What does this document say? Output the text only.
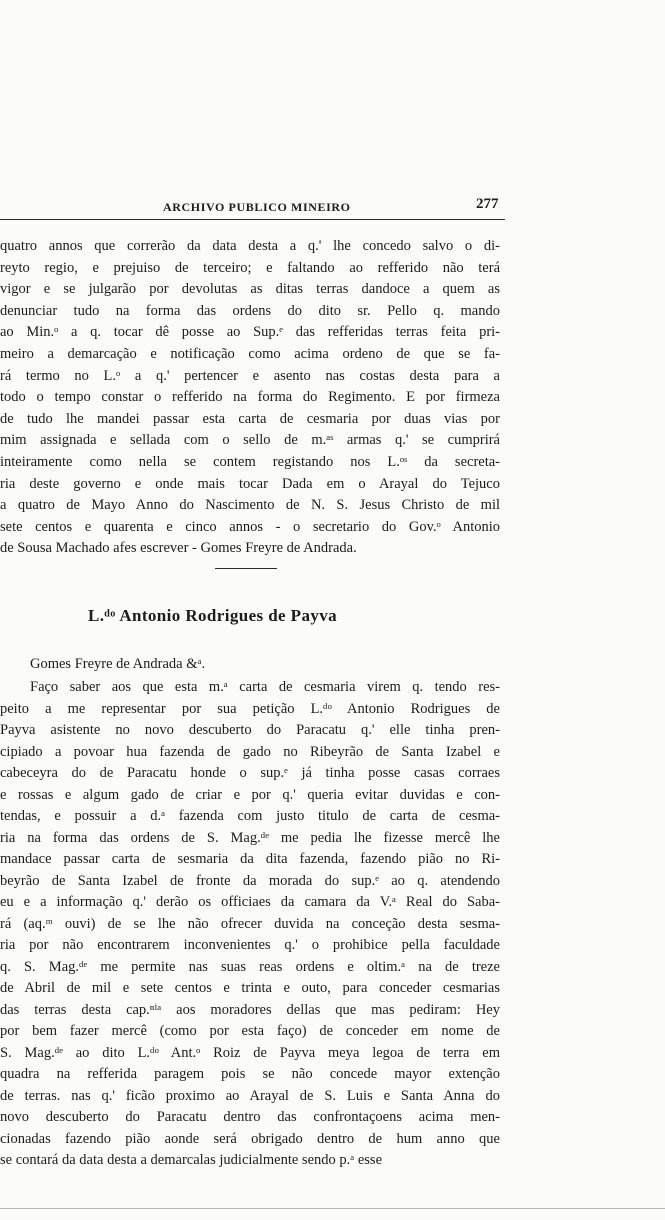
ARCHIVO PUBLICO MINEIRO	277
quatro annos que correrão da data desta a q.' lhe concedo salvo o di-
reyto regio, e prejuiso de terceiro; e faltando ao refferido não terá
vigor e se julgarão por devolutas as ditas terras dandoce a quem as
denunciar tudo na forma das ordens do dito sr. Pello q. mando
ao Min.ᵒ a q. tocar dê posse ao Sup.ᵉ das refferidas terras feita pri-
meiro a demarcação e notificação como acima ordeno de que se fa-
rá termo no L.ᵒ a q.' pertencer e asento nas costas desta para a
todo o tempo constar o refferido na forma do Regimento. E por firmeza
de tudo lhe mandei passar esta carta de cesmaria por duas vias por
mim assignada e sellada com o sello de m.ᵃˢ armas q.' se cumprirá
inteiramente como nella se contem registando nos L.ᵒˢ da secreta-
ria deste governo e onde mais tocar Dada em o Arayal do Tejuco
a quatro de Mayo Anno do Nascimento de N. S. Jesus Christo de mil
sete centos e quarenta e cinco annos - o secretario do Gov.ᵒ Antonio
de Sousa Machado afes escrever - Gomes Freyre de Andrada.
L.ᵈᵒ Antonio Rodrigues de Payva
Gomes Freyre de Andrada &ᵃ.
Faço saber aos que esta m.ᵃ carta de cesmaria virem q. tendo res-
peito a me representar por sua petição L.ᵈᵒ Antonio Rodrigues de
Payva asistente no novo descuberto do Paracatu q.' elle tinha pren-
cipiado a povoar hua fazenda de gado no Ribeyrão de Santa Izabel e
cabeceyra do de Paracatu honde o sup.ᵉ já tinha posse casas corraes
e rossas e algum gado de criar e por q.' queria evitar duvidas e con-
tendas, e possuir a d.ᵃ fazenda com justo titulo de carta de cesma-
ria na forma das ordens de S. Mag.ᵈᵉ me pedia lhe fizesse mercê lhe
mandace passar carta de sesmaria da dita fazenda, fazendo pião no Ri-
beyrão de Santa Izabel de fronte da morada do sup.ᵉ ao q. atendendo
eu e a informação q.' derão os officiaes da camara da V.ᵃ Real do Saba-
rá (aq.ᵐ ouvi) de se lhe não ofrecer duvida na conceção desta sesma-
ria por não encontrarem inconvenientes q.' o prohibice pella faculdade
q. S. Mag.ᵈᵉ me permite nas suas reas ordens e oltim.ᵃ na de treze
de Abril de mil e sete centos e trinta e outo, para conceder cesmarias
das terras desta cap.ⁿⁱᵃ aos moradores dellas que mas pediram: Hey
por bem fazer mercê (como por esta faço) de conceder em nome de
S. Mag.ᵈᵉ ao dito L.ᵈᵒ Ant.ᵒ Roiz de Payva meya legoa de terra em
quadra na refferida paragem pois se não concede mayor extenção
de terras. nas q.' ficão proximo ao Arayal de S. Luis e Santa Anna do
novo descuberto do Paracatu dentro das confrontaçoens acima men-
cionadas fazendo pião aonde será obrigado dentro de hum anno que
se contará da data desta a demarcalas judicialmente sendo p.ᵃ esse
